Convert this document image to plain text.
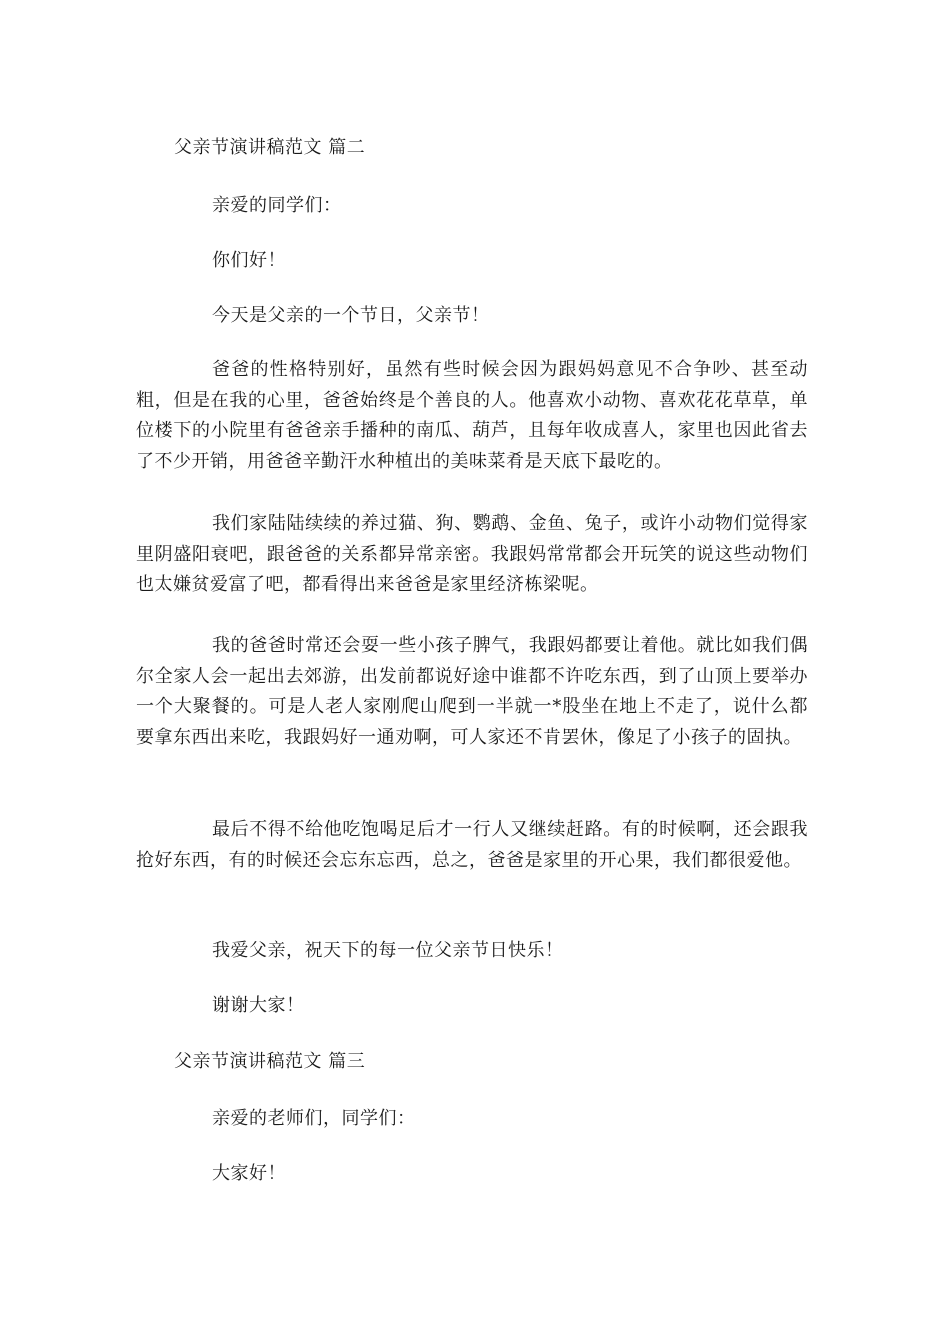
父亲节演讲稿范文 篇二
亲爱的同学们：
你们好！
今天是父亲的一个节日，父亲节！

爸爸的性格特别好，虽然有些时候会因为跟妈妈意见不合争吵、甚至动粗，但是在我的心里，爸爸始终是个善良的人。他喜欢小动物、喜欢花花草草，单位楼下的小院里有爸爸亲手播种的南瓜、葫芦，且每年收成喜人，家里也因此省去了不少开销，用爸爸辛勤汗水种植出的美味菜肴是天底下最吃的。

我们家陆陆续续的养过猫、狗、鹦鹉、金鱼、兔子，或许小动物们觉得家里阴盛阳衰吧，跟爸爸的关系都异常亲密。我跟妈常常都会开玩笑的说这些动物们也太嫌贫爱富了吧，都看得出来爸爸是家里经济栋梁呢。

我的爸爸时常还会耍一些小孩子脾气，我跟妈都要让着他。就比如我们偶尔全家人会一起出去郊游，出发前都说好途中谁都不许吃东西，到了山顶上要举办一个大聚餐的。可是人老人家刚爬山爬到一半就一*股坐在地上不走了，说什么都要拿东西出来吃，我跟妈好一通劝啊，可人家还不肯罢休，像足了小孩子的固执。

最后不得不给他吃饱喝足后才一行人又继续赶路。有的时候啊，还会跟我抢好东西，有的时候还会忘东忘西，总之，爸爸是家里的开心果，我们都很爱他。

我爱父亲，祝天下的每一位父亲节日快乐！
谢谢大家！
父亲节演讲稿范文 篇三
亲爱的老师们，同学们：
大家好！
